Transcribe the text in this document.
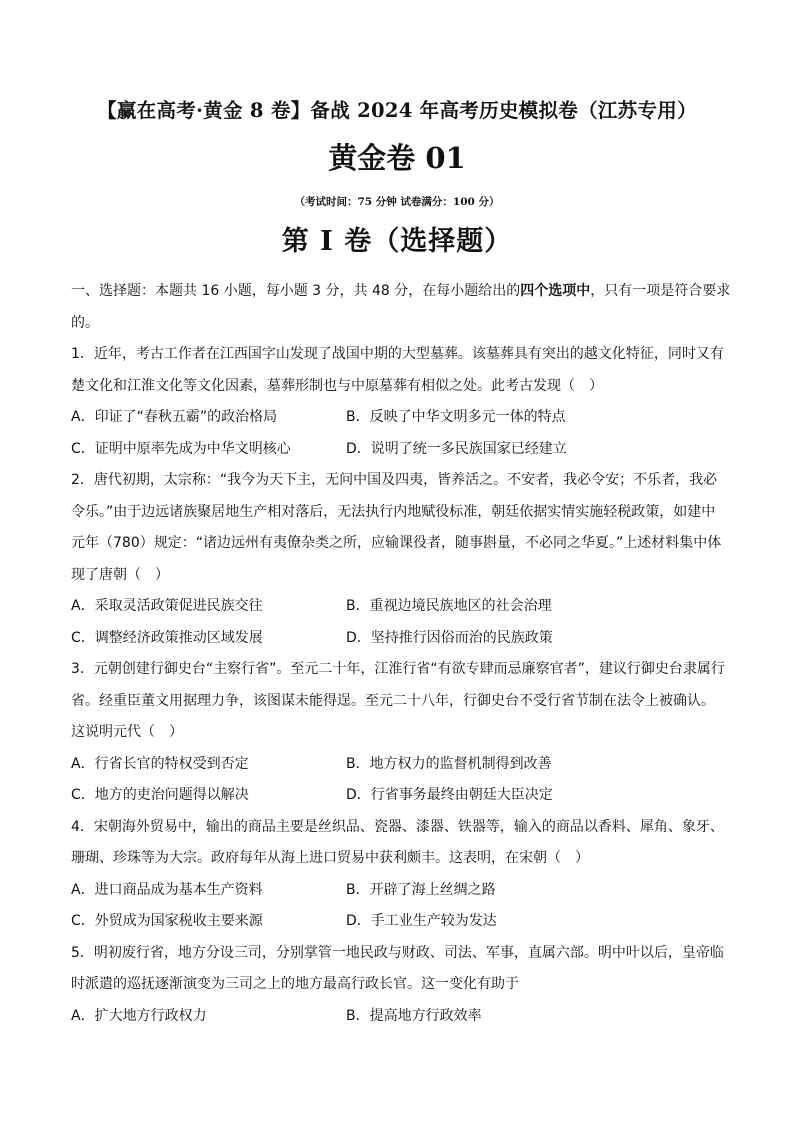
【赢在高考·黄金 8 卷】备战 2024 年高考历史模拟卷（江苏专用）
黄金卷 01
（考试时间：75 分钟 试卷满分：100 分）
第 I 卷（选择题）
一、选择题：本题共 16 小题，每小题 3 分，共 48 分，在每小题给出的四个选项中，只有一项是符合要求
的。
1．近年，考古工作者在江西国字山发现了战国中期的大型墓葬。该墓葬具有突出的越文化特征，同时又有
楚文化和江淮文化等文化因素，墓葬形制也与中原墓葬有相似之处。此考古发现（　）
A．印证了“春秋五霸”的政治格局	B．反映了中华文明多元一体的特点
C．证明中原率先成为中华文明核心	D．说明了统一多民族国家已经建立
2．唐代初期，太宗称：“我今为天下主，无问中国及四夷，皆养活之。不安者，我必令安；不乐者，我必
令乐。”由于边远诸族聚居地生产相对落后，无法执行内地赋役标准，朝廷依据实情实施轻税政策，如建中
元年（780）规定：“诸边远州有夷僚杂类之所，应输课役者，随事斟量，不必同之华夏。”上述材料集中体
现了唐朝（　）
A．采取灵活政策促进民族交往	B．重视边境民族地区的社会治理
C．调整经济政策推动区域发展	D．坚持推行因俗而治的民族政策
3．元朝创建行御史台“主察行省”。至元二十年，江淮行省“有欲专肆而忌廉察官者”，建议行御史台隶属行
省。经重臣董文用据理力争，该图谋未能得逞。至元二十八年，行御史台不受行省节制在法令上被确认。
这说明元代（　）
A．行省长官的特权受到否定	B．地方权力的监督机制得到改善
C．地方的吏治问题得以解决	D．行省事务最终由朝廷大臣决定
4．宋朝海外贸易中，输出的商品主要是丝织品、瓷器、漆器、铁器等，输入的商品以香料、犀角、象牙、
珊瑚、珍珠等为大宗。政府每年从海上进口贸易中获利颇丰。这表明，在宋朝（　）
A．进口商品成为基本生产资料	B．开辟了海上丝绸之路
C．外贸成为国家税收主要来源	D．手工业生产较为发达
5．明初废行省，地方分设三司，分别掌管一地民政与财政、司法、军事，直属六部。明中叶以后，皇帝临
时派遣的巡抚逐渐演变为三司之上的地方最高行政长官。这一变化有助于
A．扩大地方行政权力	B．提高地方行政效率
